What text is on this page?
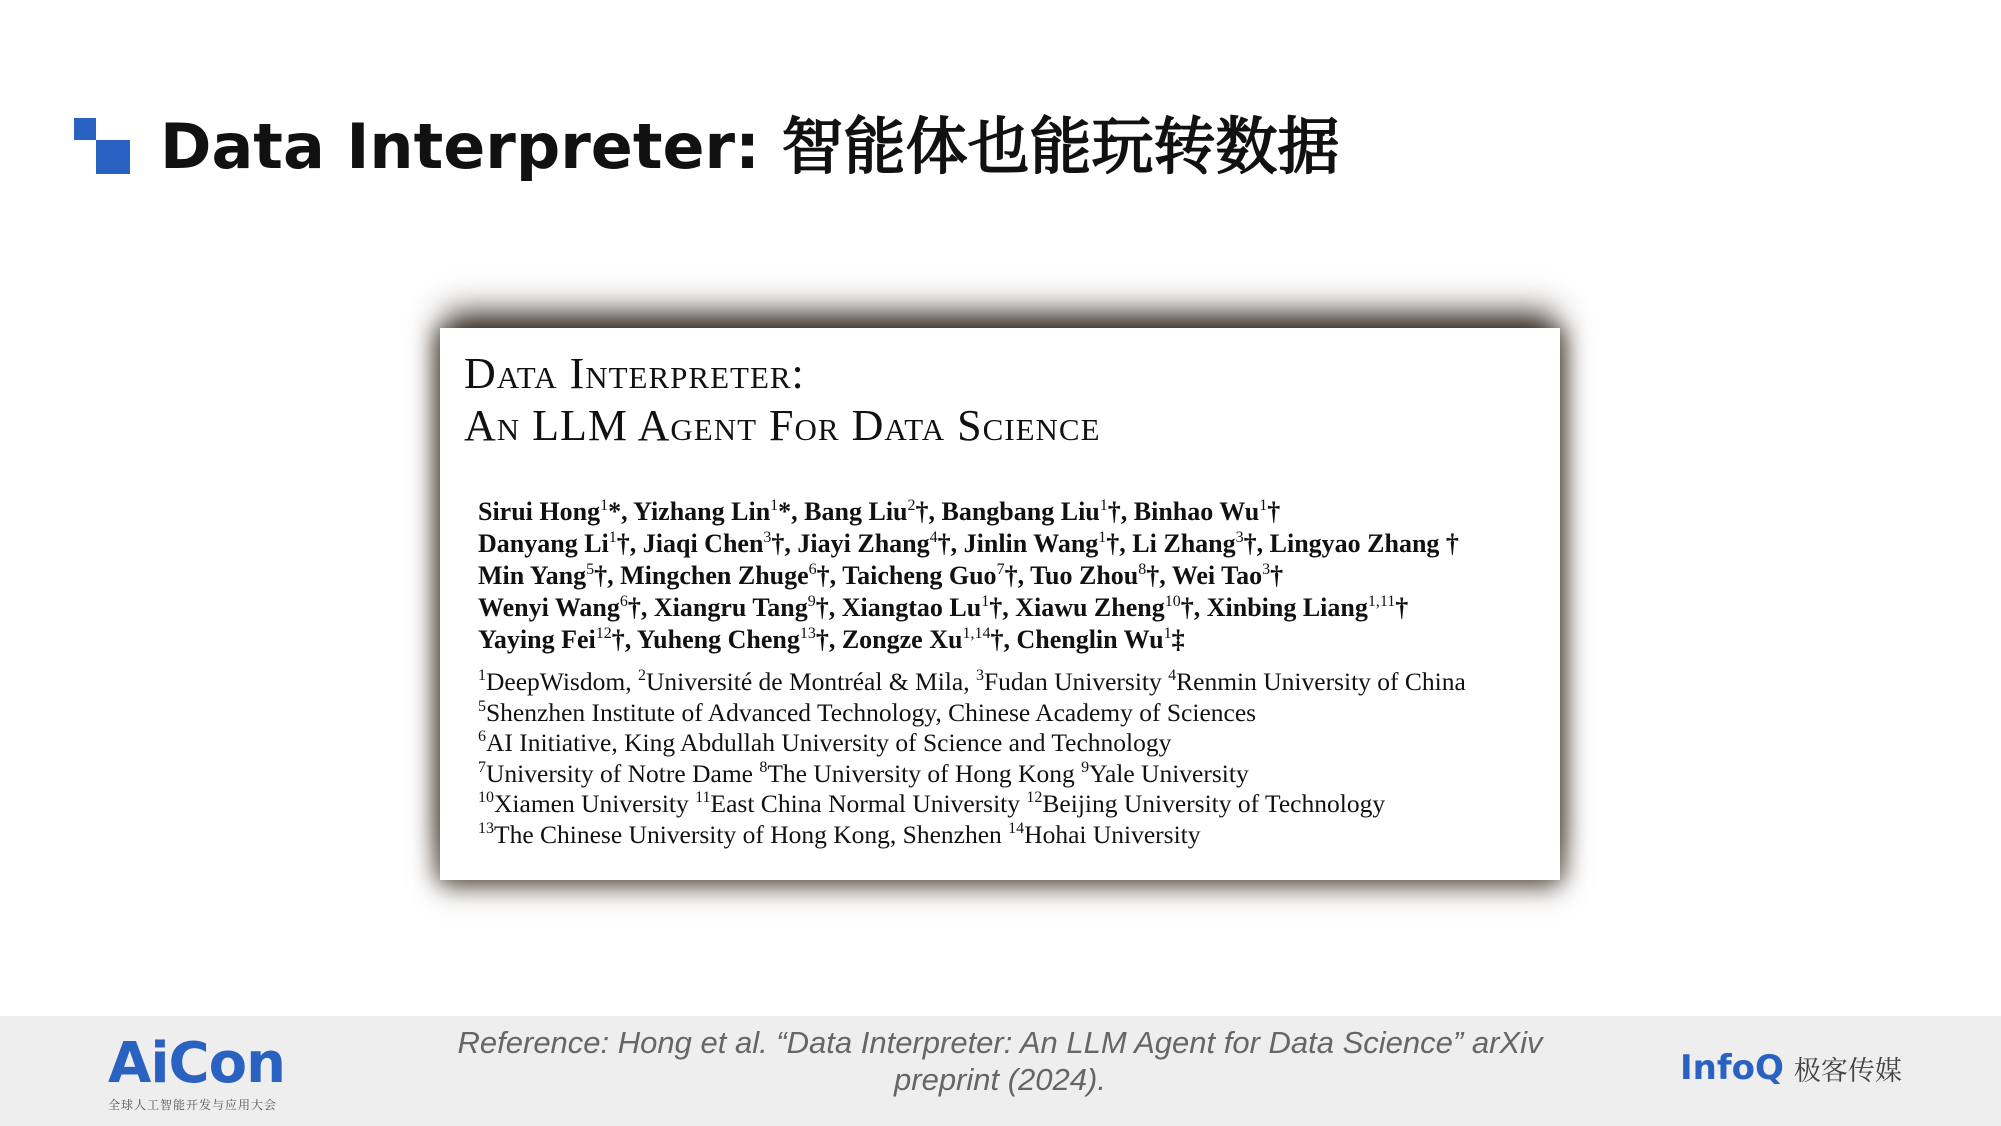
Data Interpreter: 智能体也能玩转数据
Data Interpreter:
An LLM Agent For Data Science
Sirui Hong$^1$*, Yizhang Lin$^1$*, Bang Liu$^2$†, Bangbang Liu$^1$†, Binhao Wu$^1$†
Danyang Li$^1$†, Jiaqi Chen$^3$†, Jiayi Zhang$^4$†, Jinlin Wang$^1$†, Li Zhang$^3$†, Lingyao Zhang †
Min Yang$^5$†, Mingchen Zhuge$^6$†, Taicheng Guo$^7$†, Tuo Zhou$^8$†, Wei Tao$^3$†
Wenyi Wang$^6$†, Xiangru Tang$^9$†, Xiangtao Lu$^1$†, Xiawu Zheng$^{10}$†, Xinbing Liang$^{1,11}$†
Yaying Fei$^{12}$†, Yuheng Cheng$^{13}$†, Zongze Xu$^{1,14}$†, Chenglin Wu$^1$‡
$^1$DeepWisdom, $^2$Université de Montréal & Mila, $^3$Fudan University $^4$Renmin University of China
$^5$Shenzhen Institute of Advanced Technology, Chinese Academy of Sciences
$^6$AI Initiative, King Abdullah University of Science and Technology
$^7$University of Notre Dame $^8$The University of Hong Kong $^9$Yale University
$^{10}$Xiamen University $^{11}$East China Normal University $^{12}$Beijing University of Technology
$^{13}$The Chinese University of Hong Kong, Shenzhen $^{14}$Hohai University
AiCon
全球人工智能开发与应用大会
Reference: Hong et al. “Data Interpreter: An LLM Agent for Data Science” arXiv
preprint (2024).	InfoQ 极客传媒
